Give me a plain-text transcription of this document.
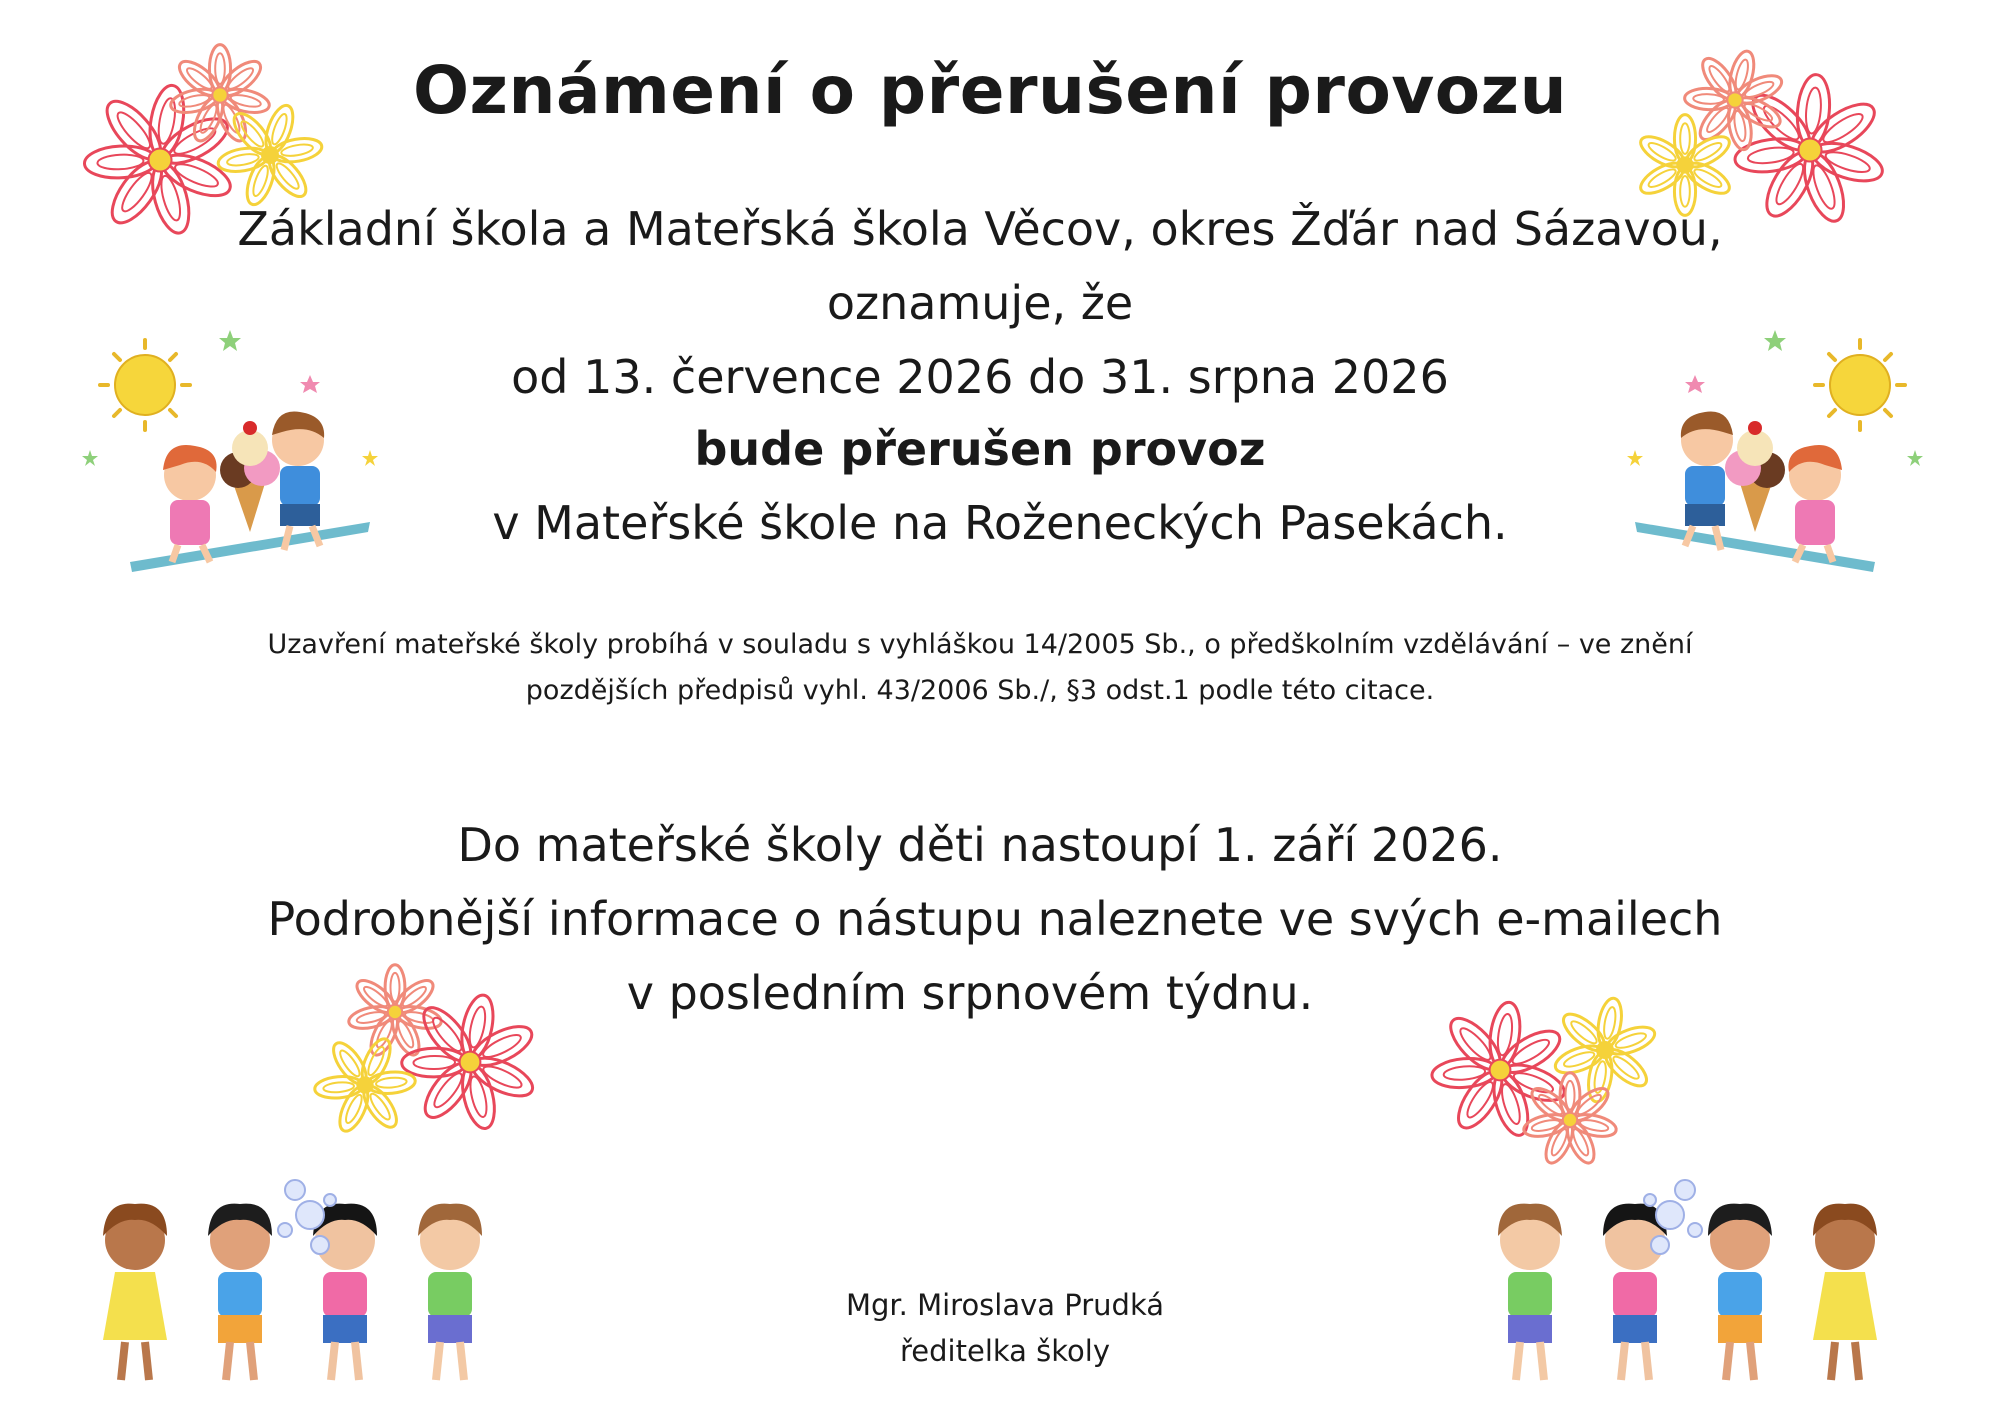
Oznámení o přerušení provozu
Základní škola a Mateřská škola Věcov, okres Žďár nad Sázavou,
oznamuje, že
od 13. července 2026 do 31. srpna 2026
bude přerušen provoz
v Mateřské škole na Roženeckých Pasekách.
Uzavření mateřské školy probíhá v souladu s vyhláškou 14/2005 Sb., o předškolním vzdělávání – ve znění
pozdějších předpisů vyhl. 43/2006 Sb./, §3 odst.1 podle této citace.
Do mateřské školy děti nastoupí 1. září 2026.
Podrobnější informace o nástupu naleznete ve svých e-mailech
v posledním srpnovém týdnu.
Mgr. Miroslava Prudká
ředitelka školy
